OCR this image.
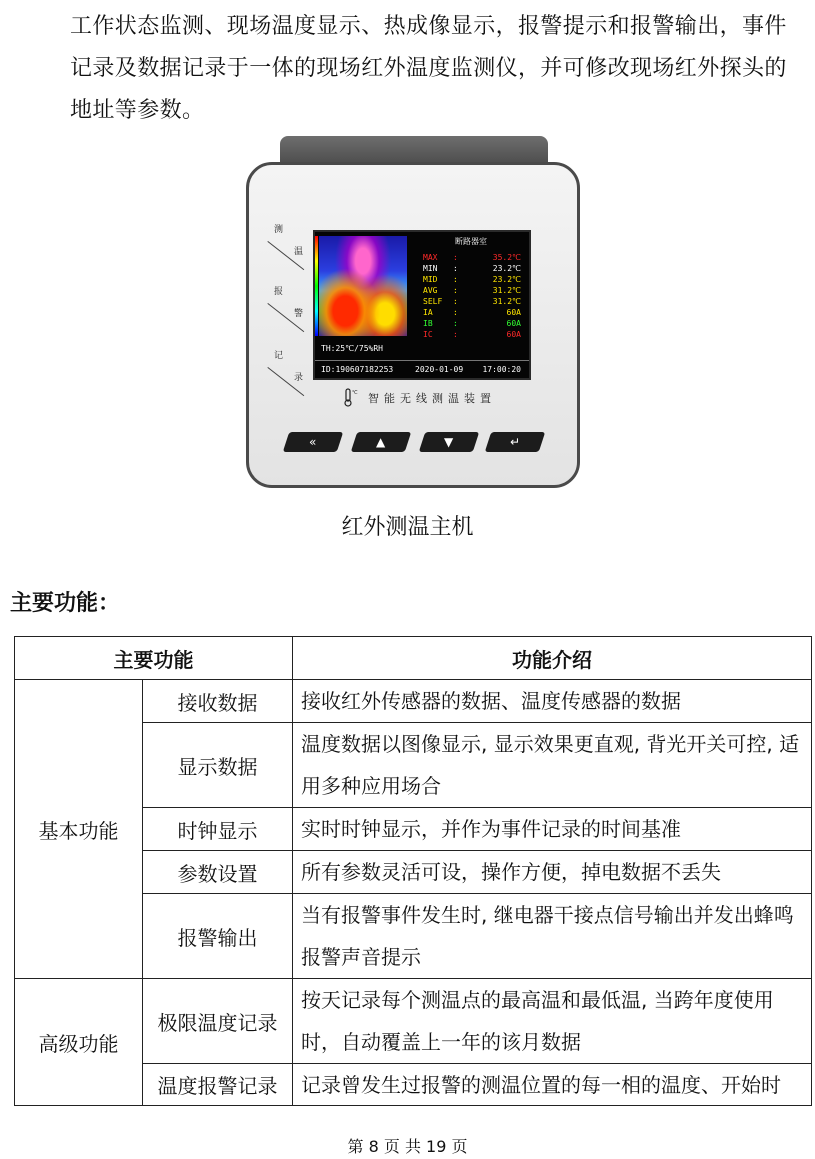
工作状态监测、现场温度显示、热成像显示，报警提示和报警输出，事件记录及数据记录于一体的现场红外温度监测仪，并可修改现场红外探头的地址等参数。

测
温
报
警
记
录
断路器室
MAX :	35.2℃
MIN :	23.2℃
MID :	23.2℃
AVG :	31.2℃
SELF :	31.2℃
IA	:	60A
IB	:	60A
IC	:	60A
TH:25℃/75%RH
ID:190607182253	2020-01-09 17:00:20
℃ 智能无线测温装置
«	▲	▼	↵
红外测温主机
主要功能：
主要功能		功能介绍
基本功能	接收数据	接收红外传感器的数据、温度传感器的数据
	显示数据	温度数据以图像显示, 显示效果更直观, 背光开关可控, 适用多种应用场合
	时钟显示	实时时钟显示，并作为事件记录的时间基准
	参数设置	所有参数灵活可设，操作方便，掉电数据不丢失
	报警输出	当有报警事件发生时, 继电器干接点信号输出并发出蜂鸣报警声音提示
高级功能	极限温度记录	按天记录每个测温点的最高温和最低温, 当跨年度使用时，自动覆盖上一年的该月数据
	温度报警记录	记录曾发生过报警的测温位置的每一相的温度、开始时
第 8 页 共 19 页
